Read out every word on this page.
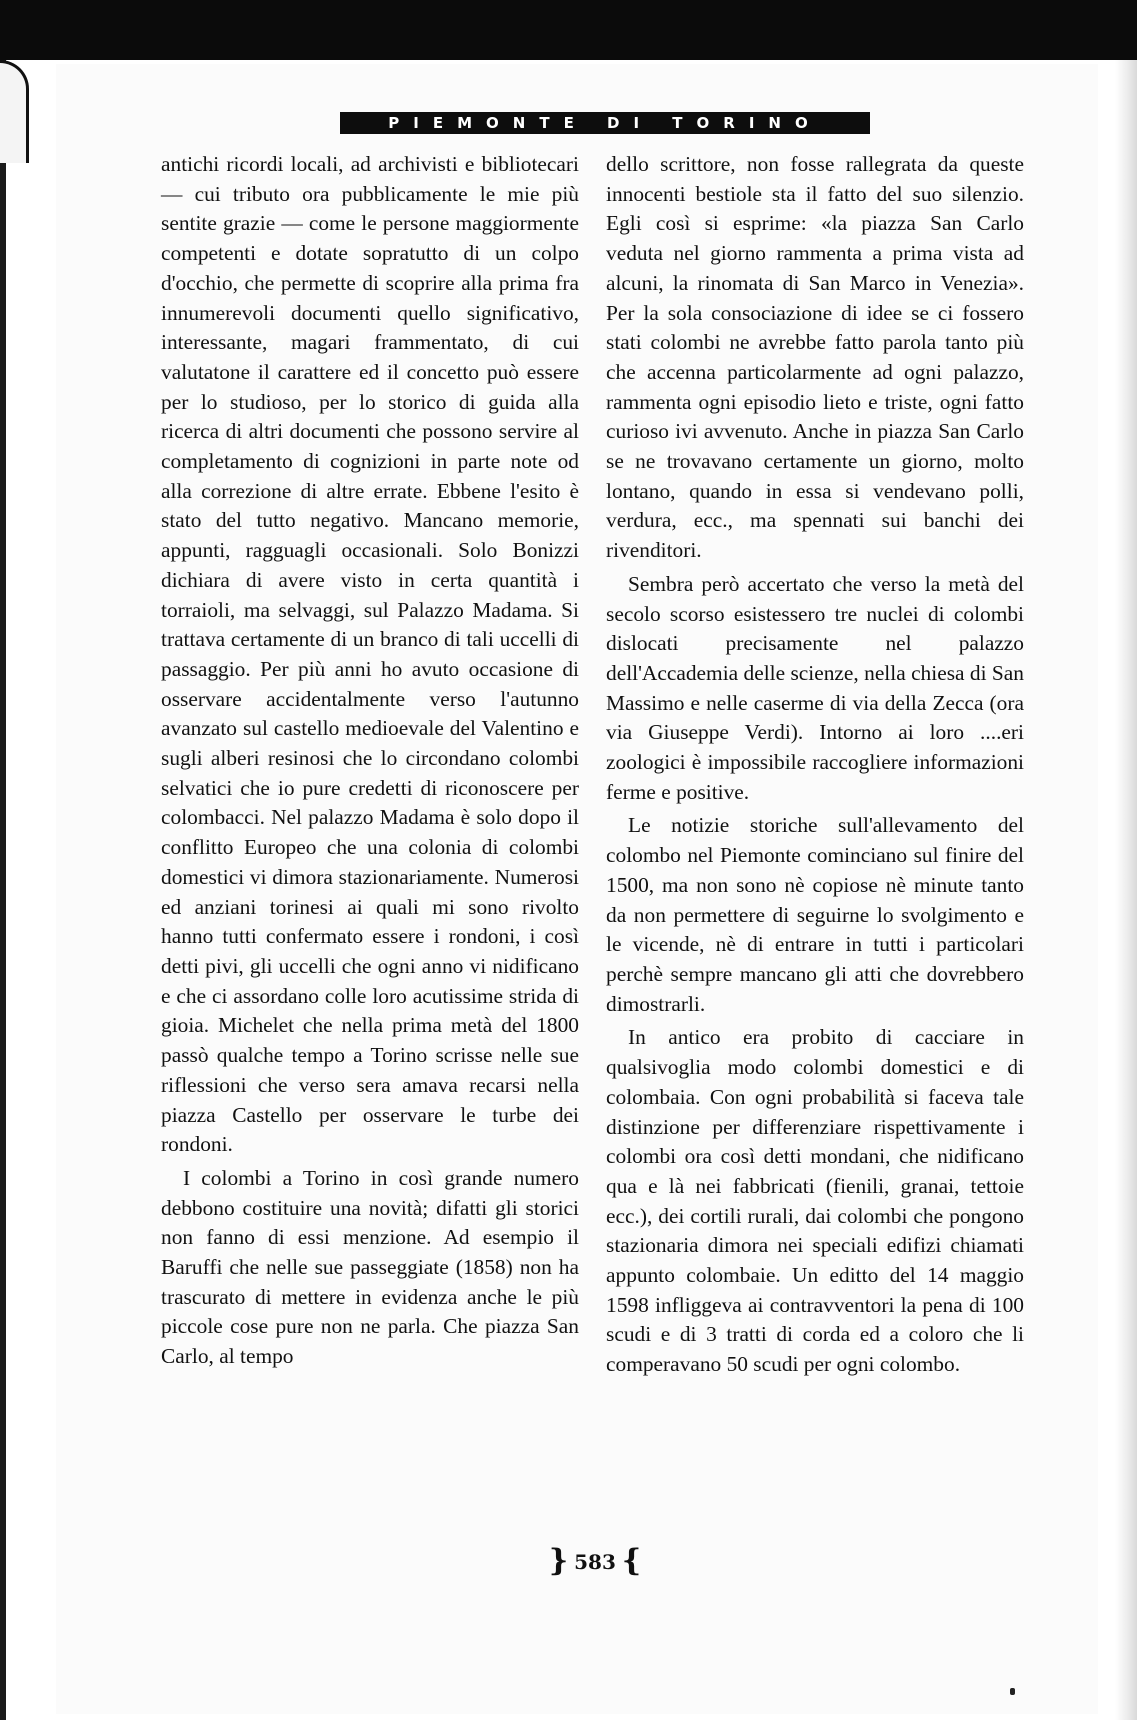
PIEMONTE DI TORINO

antichi ricordi locali, ad archivisti e bibliotecari — cui tributo ora pubblicamente le mie più sentite grazie — come le persone maggiormente competenti e dotate sopratutto di un colpo d'occhio, che permette di scoprire alla prima fra innumerevoli documenti quello significativo, interessante, magari frammentato, di cui valutatone il carattere ed il concetto può essere per lo studioso, per lo storico di guida alla ricerca di altri documenti che possono servire al completamento di cognizioni in parte note od alla correzione di altre errate. Ebbene l'esito è stato del tutto negativo. Mancano memorie, appunti, ragguagli occasionali. Solo Bonizzi dichiara di avere visto in certa quantità i torraioli, ma selvaggi, sul Palazzo Madama. Si trattava certamente di un branco di tali uccelli di passaggio. Per più anni ho avuto occasione di osservare accidentalmente verso l'autunno avanzato sul castello medioevale del Valentino e sugli alberi resinosi che lo circondano colombi selvatici che io pure credetti di riconoscere per colombacci. Nel palazzo Madama è solo dopo il conflitto Europeo che una colonia di colombi domestici vi dimora stazionariamente. Numerosi ed anziani torinesi ai quali mi sono rivolto hanno tutti confermato essere i rondoni, i così detti pivi, gli uccelli che ogni anno vi nidificano e che ci assordano colle loro acutissime strida di gioia. Michelet che nella prima metà del 1800 passò qualche tempo a Torino scrisse nelle sue riflessioni che verso sera amava recarsi nella piazza Castello per osservare le turbe dei rondoni.

I colombi a Torino in così grande numero debbono costituire una novità; difatti gli storici non fanno di essi menzione. Ad esempio il Baruffi che nelle sue passeggiate (1858) non ha trascurato di mettere in evidenza anche le più piccole cose pure non ne parla. Che piazza San Carlo, al tempo

dello scrittore, non fosse rallegrata da queste innocenti bestiole sta il fatto del suo silenzio. Egli così si esprime: «la piazza San Carlo veduta nel giorno rammenta a prima vista ad alcuni, la rinomata di San Marco in Venezia». Per la sola consociazione di idee se ci fossero stati colombi ne avrebbe fatto parola tanto più che accenna particolarmente ad ogni palazzo, rammenta ogni episodio lieto e triste, ogni fatto curioso ivi avvenuto. Anche in piazza San Carlo se ne trovavano certamente un giorno, molto lontano, quando in essa si vendevano polli, verdura, ecc., ma spennati sui banchi dei rivenditori.

Sembra però accertato che verso la metà del secolo scorso esistessero tre nuclei di colombi dislocati precisamente nel palazzo dell'Accademia delle scienze, nella chiesa di San Massimo e nelle caserme di via della Zecca (ora via Giuseppe Verdi). Intorno ai loro ....eri zoologici è impossibile raccogliere informazioni ferme e positive.

Le notizie storiche sull'allevamento del colombo nel Piemonte cominciano sul finire del 1500, ma non sono nè copiose nè minute tanto da non permettere di seguirne lo svolgimento e le vicende, nè di entrare in tutti i particolari perchè sempre mancano gli atti che dovrebbero dimostrarli.

In antico era probito di cacciare in qualsivoglia modo colombi domestici e di colombaia. Con ogni probabilità si faceva tale distinzione per differenziare rispettivamente i colombi ora così detti mondani, che nidificano qua e là nei fabbricati (fienili, granai, tettoie ecc.), dei cortili rurali, dai colombi che pongono stazionaria dimora nei speciali edifizi chiamati appunto colombaie. Un editto del 14 maggio 1598 infliggeva ai contravventori la pena di 100 scudi e di 3 tratti di corda ed a coloro che li comperavano 50 scudi per ogni colombo.

} 583 {
